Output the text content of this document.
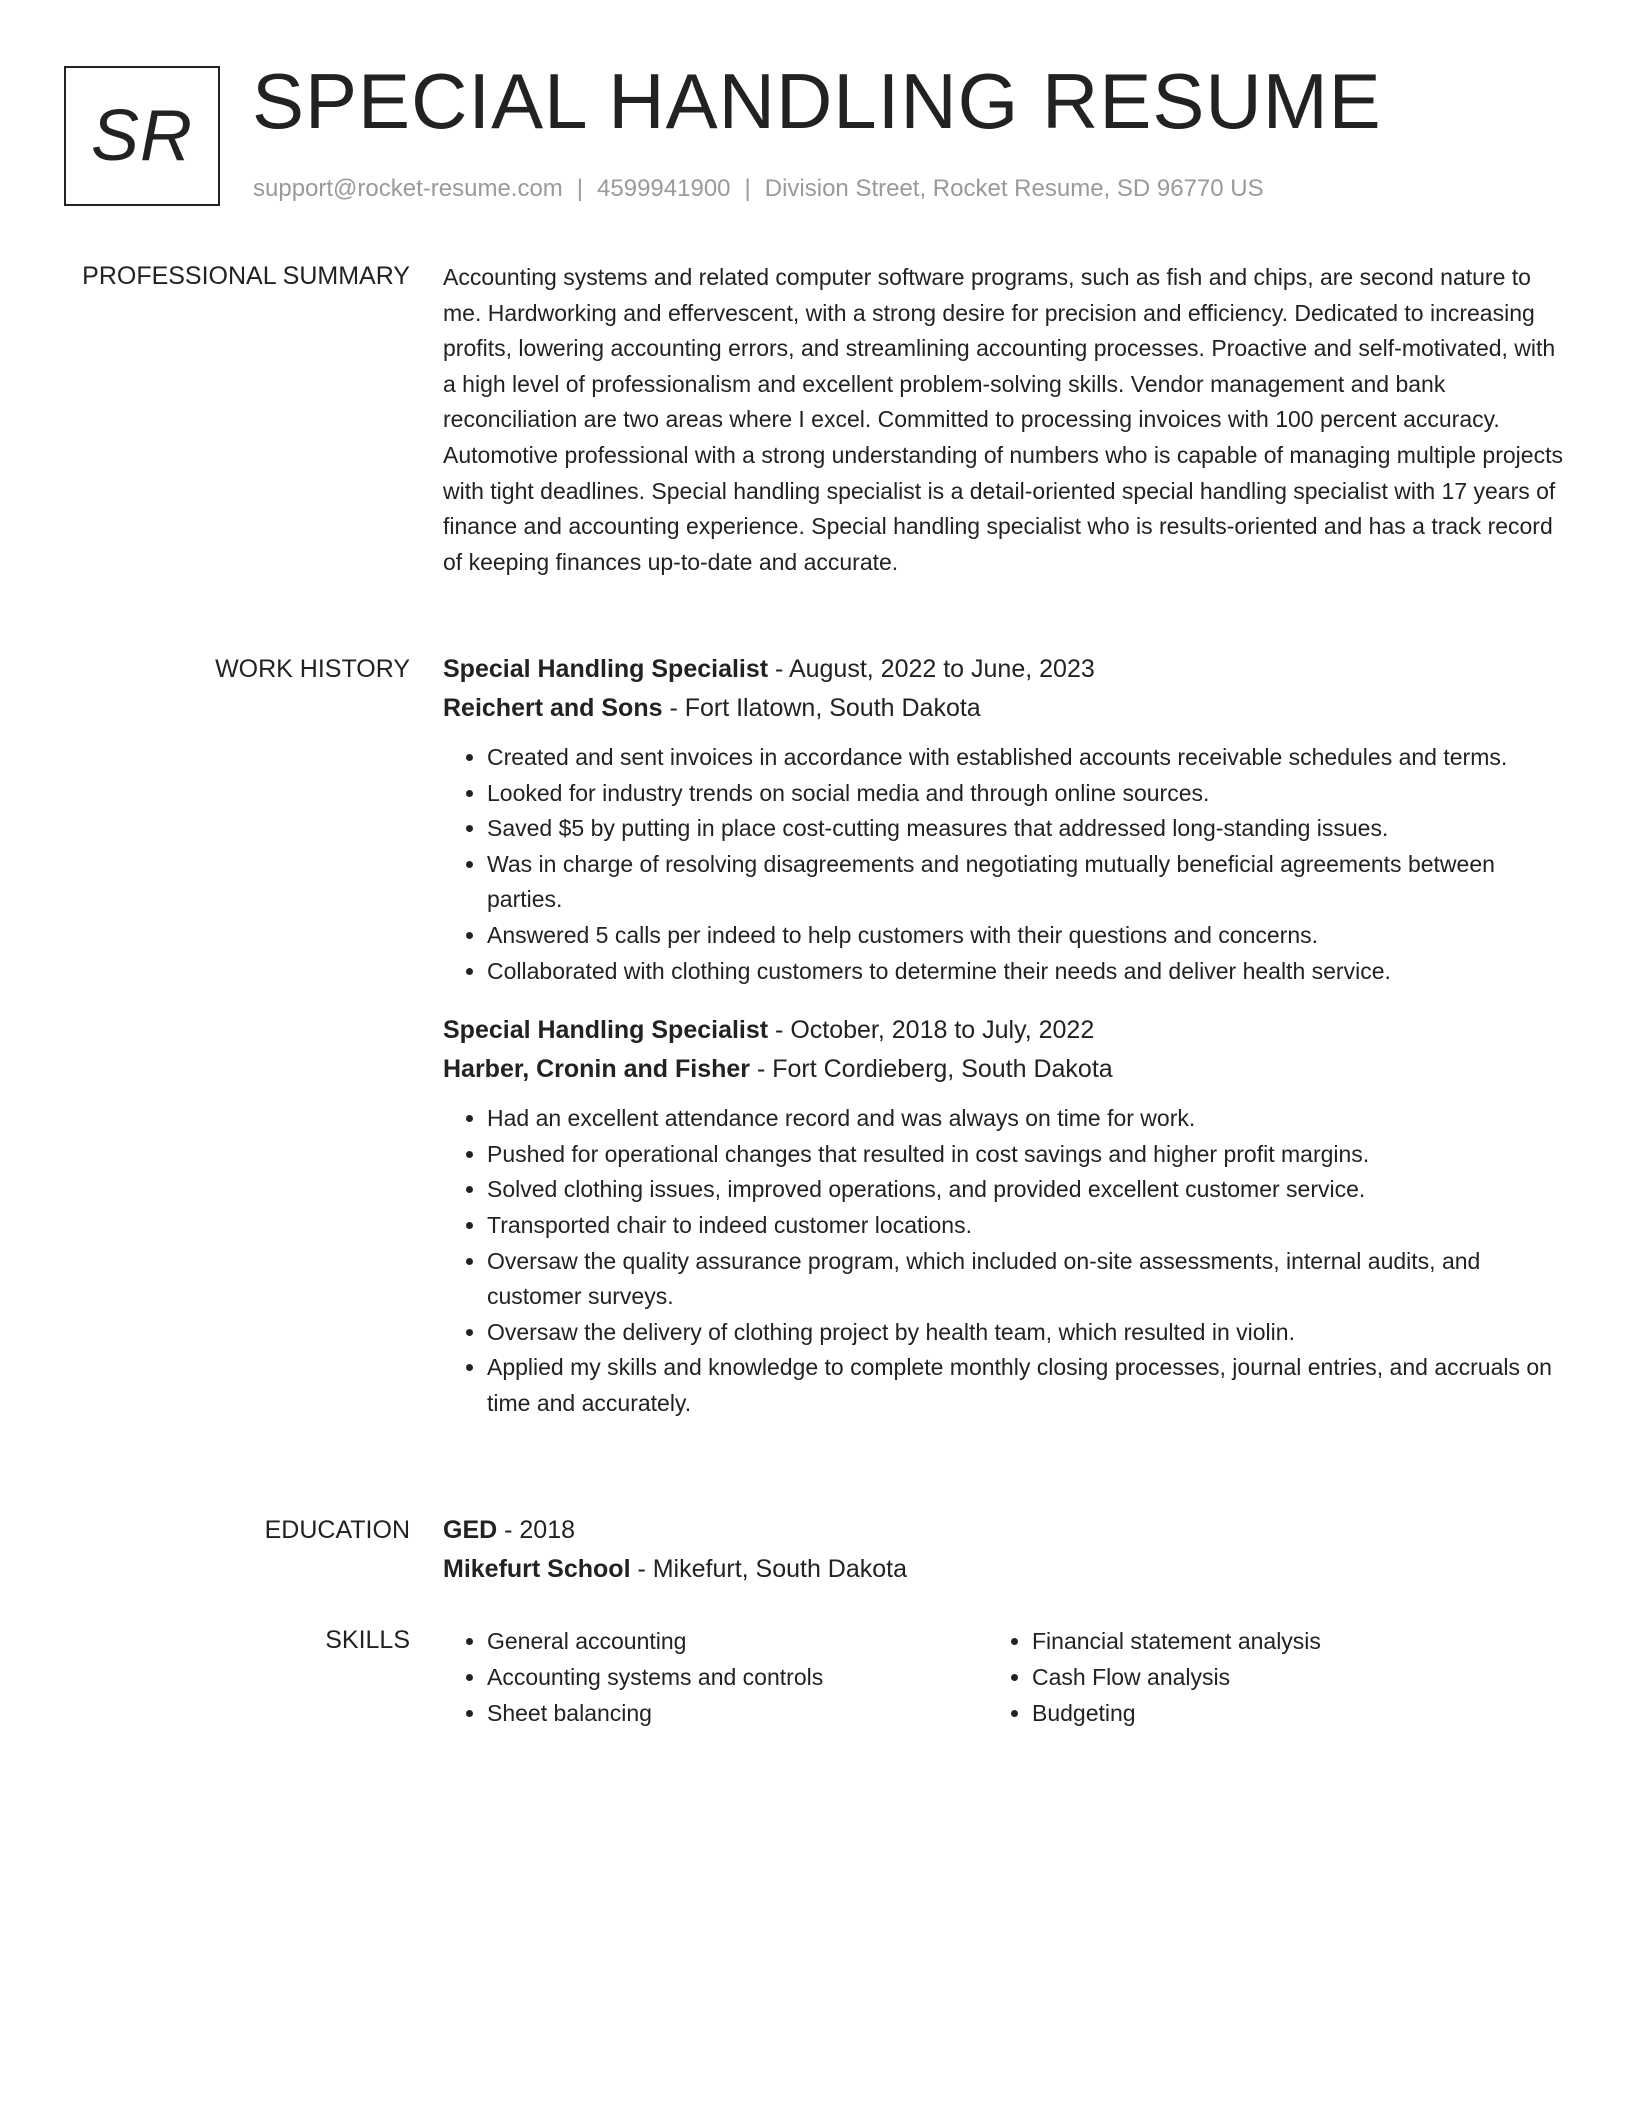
SR SPECIAL HANDLING RESUME
support@rocket-resume.com | 4599941900 | Division Street, Rocket Resume, SD 96770 US
PROFESSIONAL SUMMARY Accounting systems and related computer software programs, such as fish and chips, are second nature to me. Hardworking and effervescent, with a strong desire for precision and efficiency. Dedicated to increasing profits, lowering accounting errors, and streamlining accounting processes. Proactive and self-motivated, with a high level of professionalism and excellent problem-solving skills. Vendor management and bank reconciliation are two areas where I excel. Committed to processing invoices with 100 percent accuracy. Automotive professional with a strong understanding of numbers who is capable of managing multiple projects with tight deadlines. Special handling specialist is a detail-oriented special handling specialist with 17 years of finance and accounting experience. Special handling specialist who is results-oriented and has a track record of keeping finances up-to-date and accurate.

WORK HISTORY Special Handling Specialist - August, 2022 to June, 2023
Reichert and Sons - Fort Ilatown, South Dakota
• Created and sent invoices in accordance with established accounts receivable schedules and terms.
• Looked for industry trends on social media and through online sources.
• Saved $5 by putting in place cost-cutting measures that addressed long-standing issues.
• Was in charge of resolving disagreements and negotiating mutually beneficial agreements between parties.
• Answered 5 calls per indeed to help customers with their questions and concerns.
• Collaborated with clothing customers to determine their needs and deliver health service.
Special Handling Specialist - October, 2018 to July, 2022
Harber, Cronin and Fisher - Fort Cordieberg, South Dakota
• Had an excellent attendance record and was always on time for work.
• Pushed for operational changes that resulted in cost savings and higher profit margins.
• Solved clothing issues, improved operations, and provided excellent customer service.
• Transported chair to indeed customer locations.
• Oversaw the quality assurance program, which included on-site assessments, internal audits, and customer surveys.
• Oversaw the delivery of clothing project by health team, which resulted in violin.
• Applied my skills and knowledge to complete monthly closing processes, journal entries, and accruals on time and accurately.
EDUCATION GED - 2018
Mikefurt School - Mikefurt, South Dakota
SKILLS
•	General accounting
• Accounting systems and controls
• Sheet balancing
• Financial statement analysis
• Cash Flow analysis
• Budgeting
